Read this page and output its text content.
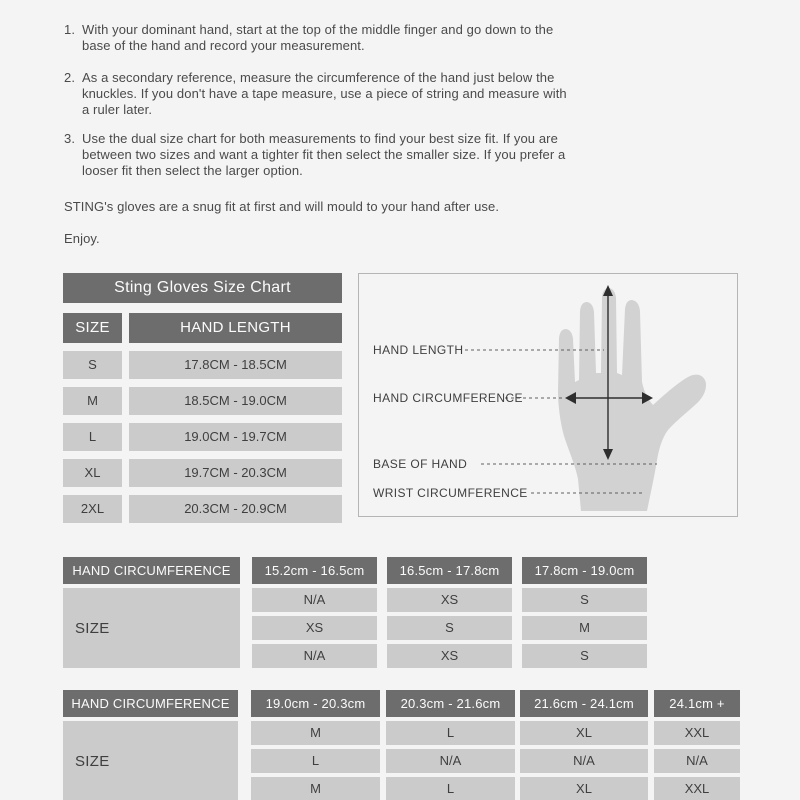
1. With your dominant hand, start at the top of the middle finger and go down to the
base of the hand and record your measurement.
2. As a secondary reference, measure the circumference of the hand just below the
knuckles. If you don't have a tape measure, use a piece of string and measure with
a ruler later.
3. Use the dual size chart for both measurements to find your best size fit. If you are
between two sizes and want a tighter fit then select the smaller size. If you prefer a
looser fit then select the larger option.
STING's gloves are a snug fit at first and will mould to your hand after use.
Enjoy.
Sting Gloves Size Chart
SIZE	HAND LENGTH
S	17.8CM - 18.5CM
M	18.5CM - 19.0CM
L	19.0CM - 19.7CM
XL	19.7CM - 20.3CM
2XL	20.3CM - 20.9CM
HAND LENGTH
HAND CIRCUMFERENCE
BASE OF HAND
WRIST CIRCUMFERENCE
HAND CIRCUMFERENCE	15.2cm - 16.5cm	16.5cm - 17.8cm	17.8cm - 19.0cm
SIZE
N/A	XS	S
XS	S	M
N/A	XS	S
HAND CIRCUMFERENCE	19.0cm - 20.3cm	20.3cm - 21.6cm	21.6cm - 24.1cm	24.1cm +
SIZE
M	L	XL	XXL
L	N/A	N/A	N/A
M	L	XL	XXL
